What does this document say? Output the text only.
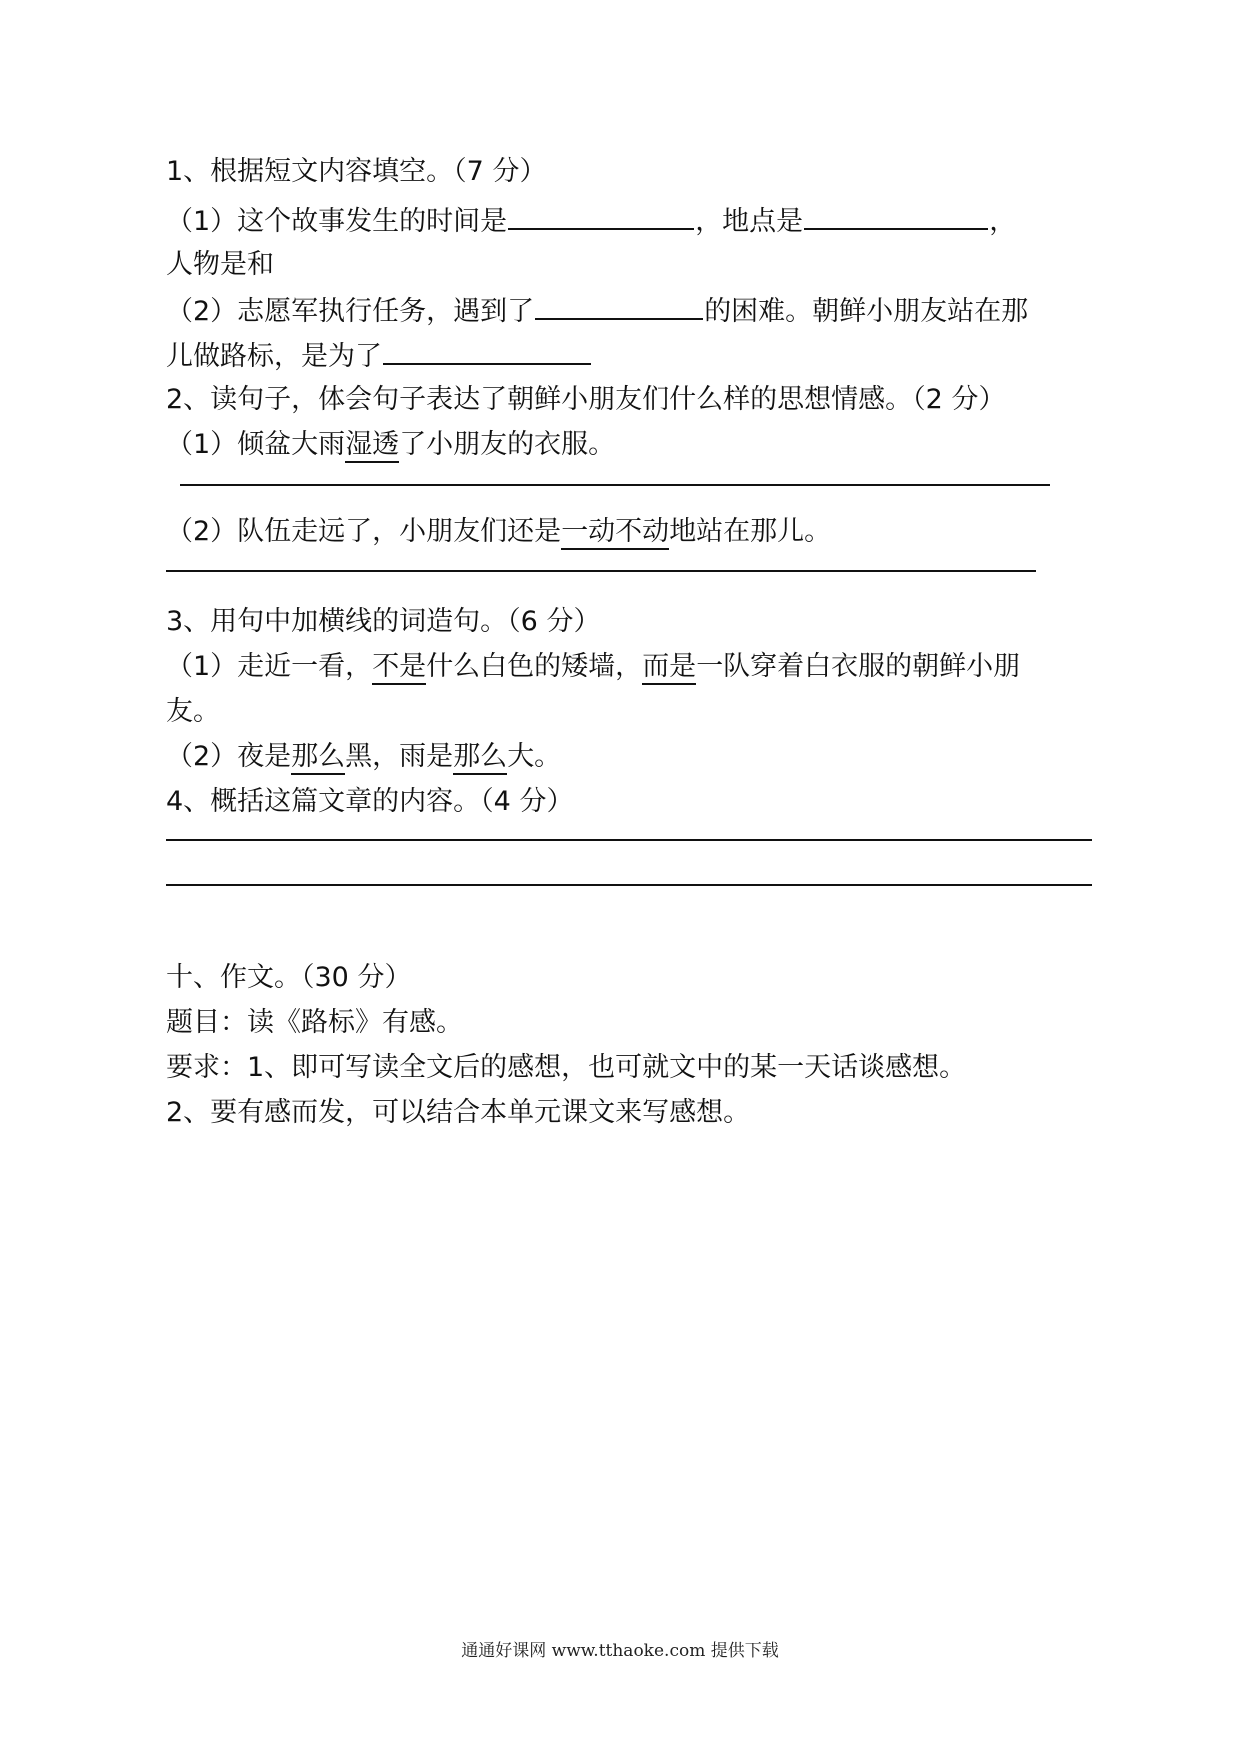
1、根据短文内容填空。（7 分）
（1）这个故事发生的时间是	，地点是	，
人物是和
（2）志愿军执行任务，遇到了	的困难。朝鲜小朋友站在那
儿做路标，是为了
2、读句子，体会句子表达了朝鲜小朋友们什么样的思想情感。（2 分）
（1）倾盆大雨湿透了小朋友的衣服。
（2）队伍走远了，小朋友们还是一动不动地站在那儿。
3、用句中加横线的词造句。（6 分）
（1）走近一看，不是什么白色的矮墙，而是一队穿着白衣服的朝鲜小朋
友。
（2）夜是那么黑，雨是那么大。
4、概括这篇文章的内容。（4 分）
十、作文。（30 分）
题目：读《路标》有感。
要求：1、即可写读全文后的感想，也可就文中的某一天话谈感想。
2、要有感而发，可以结合本单元课文来写感想。
通通好课网 www.tthaoke.com 提供下载
